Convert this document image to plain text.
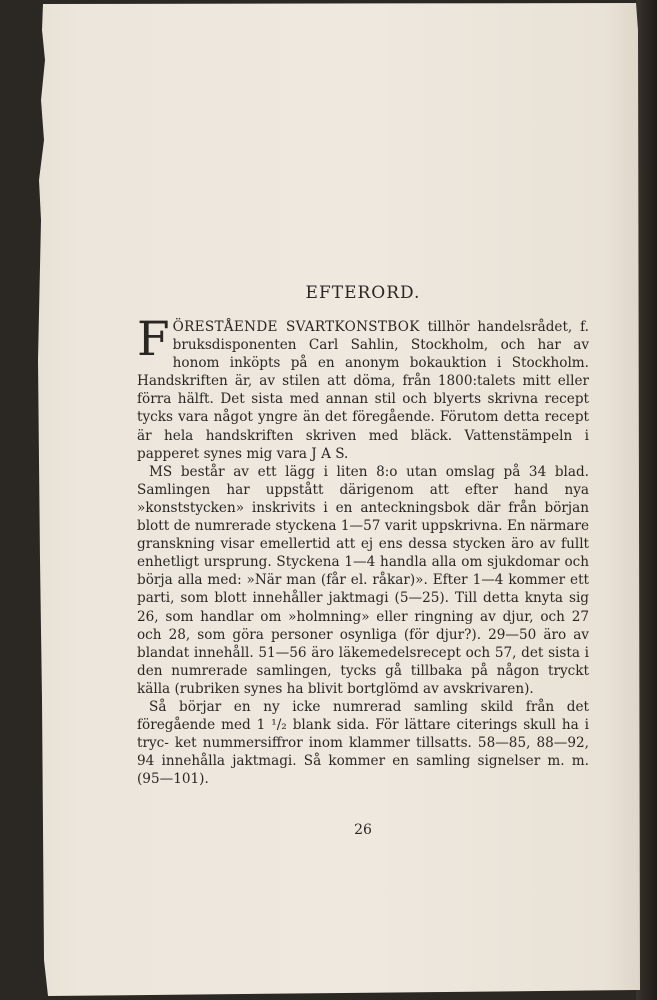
EFTERORD.

FÖRESTÅENDE SVARTKONSTBOK tillhör handelsrådet, f. bruksdisponenten Carl Sahlin, Stockholm, och har av honom inköpts på en anonym bokauktion i Stockholm. Handskriften är, av stilen att döma, från 1800:talets mitt eller förra hälft. Det sista med annan stil och blyerts skrivna recept tycks vara något yngre än det föregående. Förutom detta recept är hela handskriften skriven med bläck. Vattenstämpeln i papperet synes mig vara J A S.

MS består av ett lägg i liten 8:o utan omslag på 34 blad. Samlingen har uppstått därigenom att efter hand nya »konststycken» inskrivits i en anteckningsbok där från början blott de numrerade styckena 1—57 varit uppskrivna. En närmare granskning visar emellertid att ej ens dessa stycken äro av fullt enhetligt ursprung. Styckena 1—4 handla alla om sjukdomar och börja alla med: »När man (får el. råkar)». Efter 1—4 kommer ett parti, som blott innehåller jaktmagi (5—25). Till detta knyta sig 26, som handlar om »holmning» eller ringning av djur, och 27 och 28, som göra personer osynliga (för djur?). 29—50 äro av blandat innehåll. 51—56 äro läkemedelsrecept och 57, det sista i den numrerade samlingen, tycks gå tillbaka på någon tryckt källa (rubriken synes ha blivit bortglömd av avskrivaren).

Så börjar en ny icke numrerad samling skild från det föregående med 1 ¹/₂ blank sida. För lättare citerings skull ha i tryc- ket nummersiffror inom klammer tillsatts. 58—85, 88—92, 94 innehålla jaktmagi. Så kommer en samling signelser m. m. (95—101).

26
